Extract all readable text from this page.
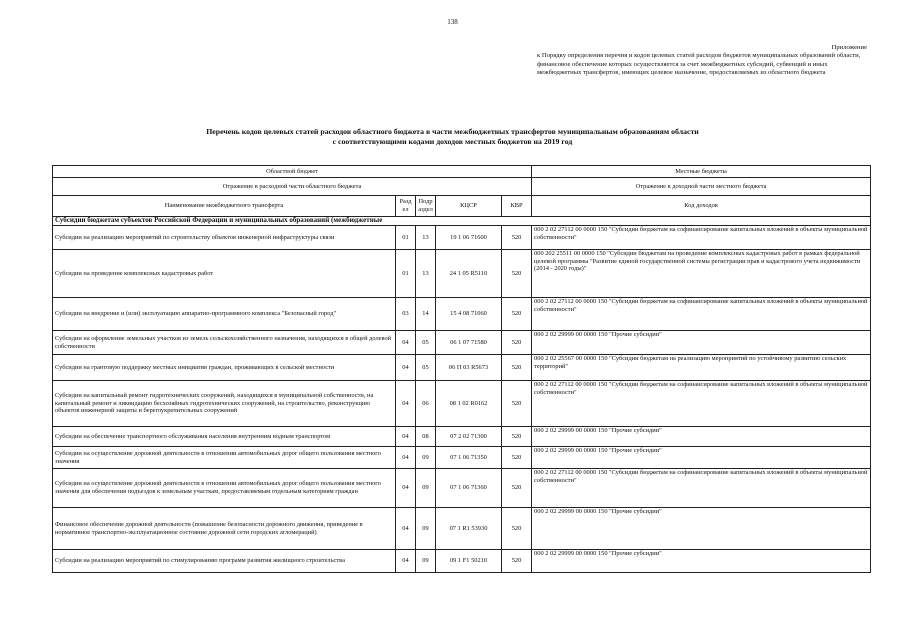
138
Приложение
к Порядку определения перечня и кодов целевых статей расходов бюджетов муниципальных образований области, финансовое обеспечение которых осуществляется за счет межбюджетных субсидий, субвенций и иных межбюджетных трансфертов, имеющих целевое назначение, предоставляемых из областного бюджета
Перечень кодов целевых статей расходов областного бюджета в части межбюджетных трансфертов муниципальным образованиям области
с соответствующими кодами доходов местных бюджетов на 2019 год
Областной бюджет					Местные бюджеты
Отражение в расходной части областного бюджета					Отражение в доходной части местного бюджета
Наименование межбюджетного трансферта	Разд ел	Подр аздел	КЦСР	КВР	Код доходов
Субсидии бюджетам субъектов Российской Федерации и муниципальных образований (межбюджетные					
Субсидии на реализацию мероприятий по строительству объектов инженерной инфраструктуры связи	01	13	19 1 06 71600	520	000 2 02 27112 00 0000 150 "Субсидии бюджетам на софинансирование капитальных вложений в объекты муниципальной собственности"
Субсидии на проведение комплексных кадастровых работ	01	13	24 1 05 R5110	520	000 202 25511 00 0000 150 "Субсидии бюджетам на проведение комплексных кадастровых работ в рамках федеральной целевой программы "Развитие единой государственной системы регистрации прав и кадастрового учета недвижимости (2014 - 2020 годы)"
Субсидии на внедрение и (или) эксплуатацию аппаратно-программного комплекса "Безопасный город"	03	14	15 4 08 71060	520	000 2 02 27112 00 0000 150 "Субсидии бюджетам на софинансирование капитальных вложений в объекты муниципальной собственности"
Субсидии на оформление земельных участков из земель сельскохозяйственного назначения, находящихся в общей долевой собственности	04	05	06 1 07 71580	520	000 2 02 29999 00 0000 150 "Прочие субсидии"
Субсидии на грантовую поддержку местных инициатив граждан, проживающих в сельской местности	04	05	06 П 03 R5673	520	000 2 02 25567 00 0000 150 "Субсидии бюджетам на реализацию мероприятий по устойчивому развитию сельских территорий"
Субсидии на капитальный ремонт гидротехнических сооружений, находящихся в муниципальной собственности, на капитальный ремонт и ликвидацию бесхозяйных гидротехнических сооружений, на строительство, реконструкцию объектов инженерной защиты и берегоукрепительных сооружений	04	06	08 1 02 R0162	520	000 2 02 27112 00 0000 150 "Субсидии бюджетам на софинансирование капитальных вложений в объекты муниципальной собственности"
Субсидии на обеспечение транспортного обслуживания населения внутренним водным транспортом	04	08	07 2 02 71300	520	000 2 02 29999 00 0000 150 "Прочие субсидии"
Субсидии на осуществление дорожной деятельности в отношении автомобильных дорог общего пользования местного значения	04	09	07 1 06 71350	520	000 2 02 29999 00 0000 150 "Прочие субсидии"
Субсидии на осуществление дорожной деятельности в отношении автомобильных дорог общего пользования местного значения для обеспечения подъездов к земельным участкам, предоставляемым отдельным категориям граждан	04	09	07 1 06 71360	520	000 2 02 27112 00 0000 150 "Субсидии бюджетам на софинансирование капитальных вложений в объекты муниципальной собственности"
Финансовое обеспечение дорожной деятельности (повышение безопасности дорожного движения, приведение в нормативное транспортно-эксплуатационное состояние дорожной сети городских агломераций)	04	09	07 1 R1 53930	520	000 2 02 29999 00 0000 150 "Прочие субсидии"
Субсидии на реализацию мероприятий по стимулированию программ развития жилищного строительства	04	09	09 1 F1 50210	520	000 2 02 29999 00 0000 150 "Прочие субсидии"
